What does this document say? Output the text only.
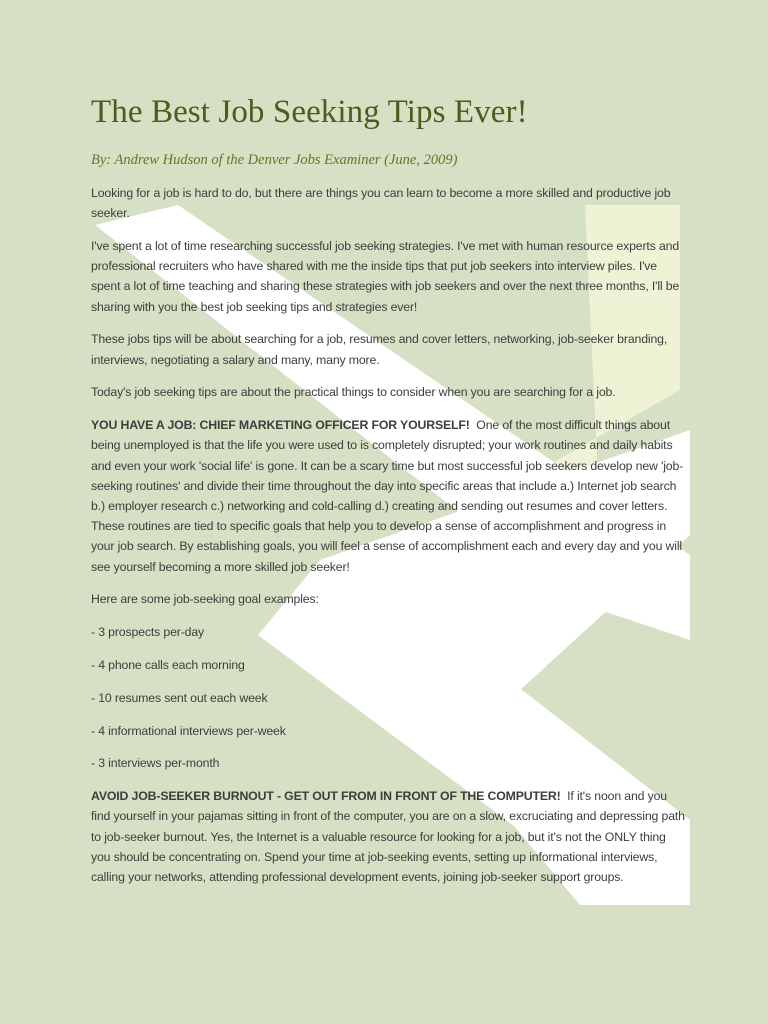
The Best Job Seeking Tips Ever!

By: Andrew Hudson of the Denver Jobs Examiner (June, 2009)

Looking for a job is hard to do, but there are things you can learn to become a more skilled and productive job seeker.

I've spent a lot of time researching successful job seeking strategies. I've met with human resource experts and professional recruiters who have shared with me the inside tips that put job seekers into interview piles. I've spent a lot of time teaching and sharing these strategies with job seekers and over the next three months, I'll be sharing with you the best job seeking tips and strategies ever!

These jobs tips will be about searching for a job, resumes and cover letters, networking, job-seeker branding, interviews, negotiating a salary and many, many more.

Today's job seeking tips are about the practical things to consider when you are searching for a job.

YOU HAVE A JOB: CHIEF MARKETING OFFICER FOR YOURSELF! One of the most difficult things about being unemployed is that the life you were used to is completely disrupted; your work routines and daily habits and even your work 'social life' is gone. It can be a scary time but most successful job seekers develop new 'job-seeking routines' and divide their time throughout the day into specific areas that include a.) Internet job search b.) employer research c.) networking and cold-calling d.) creating and sending out resumes and cover letters. These routines are tied to specific goals that help you to develop a sense of accomplishment and progress in your job search. By establishing goals, you will feel a sense of accomplishment each and every day and you will see yourself becoming a more skilled job seeker!

Here are some job-seeking goal examples:

- 3 prospects per-day

- 4 phone calls each morning

- 10 resumes sent out each week

- 4 informational interviews per-week

- 3 interviews per-month

AVOID JOB-SEEKER BURNOUT - GET OUT FROM IN FRONT OF THE COMPUTER! If it's noon and you find yourself in your pajamas sitting in front of the computer, you are on a slow, excruciating and depressing path to job-seeker burnout. Yes, the Internet is a valuable resource for looking for a job, but it's not the ONLY thing you should be concentrating on. Spend your time at job-seeking events, setting up informational interviews, calling your networks, attending professional development events, joining job-seeker support groups.
